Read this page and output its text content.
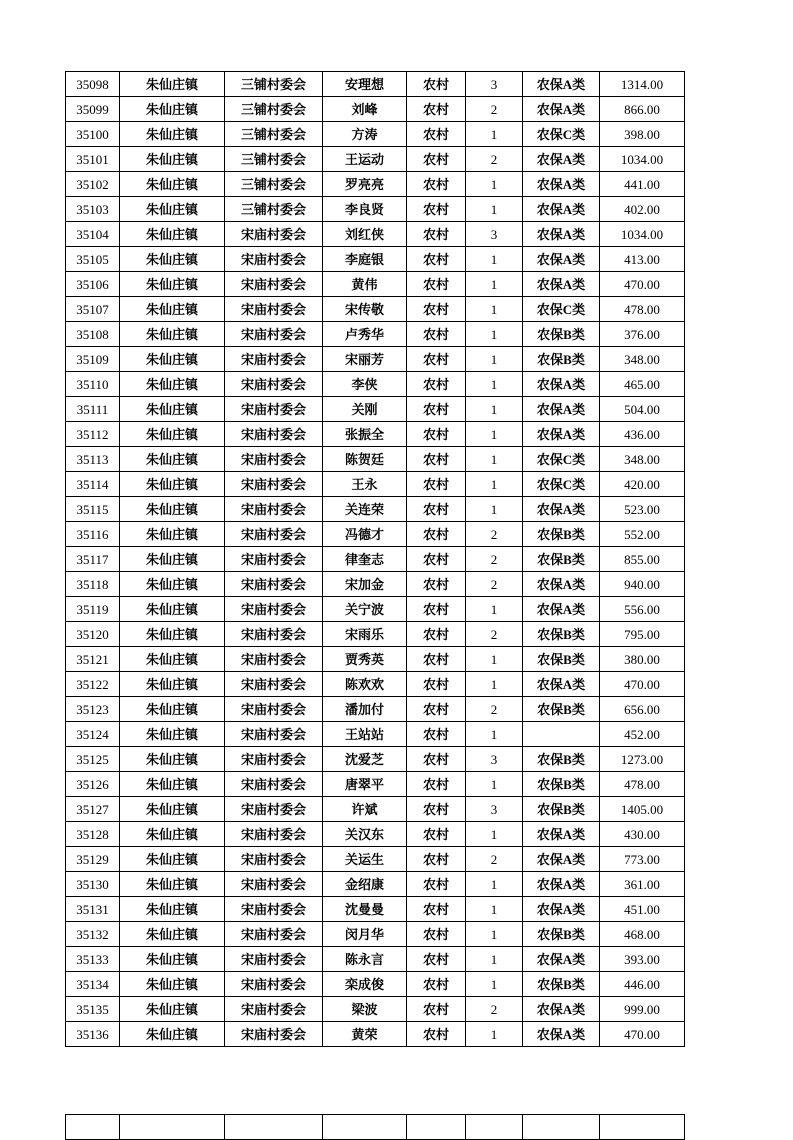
35098	朱仙庄镇	三铺村委会	安理想	农村	3	农保A类	1314.00
35099	朱仙庄镇	三铺村委会	刘峰	农村	2	农保A类	866.00
35100	朱仙庄镇	三铺村委会	方涛	农村	1	农保C类	398.00
35101	朱仙庄镇	三铺村委会	王运动	农村	2	农保A类	1034.00
35102	朱仙庄镇	三铺村委会	罗亮亮	农村	1	农保A类	441.00
35103	朱仙庄镇	三铺村委会	李良贤	农村	1	农保A类	402.00
35104	朱仙庄镇	宋庙村委会	刘红侠	农村	3	农保A类	1034.00
35105	朱仙庄镇	宋庙村委会	李庭银	农村	1	农保A类	413.00
35106	朱仙庄镇	宋庙村委会	黄伟	农村	1	农保A类	470.00
35107	朱仙庄镇	宋庙村委会	宋传敬	农村	1	农保C类	478.00
35108	朱仙庄镇	宋庙村委会	卢秀华	农村	1	农保B类	376.00
35109	朱仙庄镇	宋庙村委会	宋丽芳	农村	1	农保B类	348.00
35110	朱仙庄镇	宋庙村委会	李侠	农村	1	农保A类	465.00
35111	朱仙庄镇	宋庙村委会	关刚	农村	1	农保A类	504.00
35112	朱仙庄镇	宋庙村委会	张振全	农村	1	农保A类	436.00
35113	朱仙庄镇	宋庙村委会	陈贺廷	农村	1	农保C类	348.00
35114	朱仙庄镇	宋庙村委会	王永	农村	1	农保C类	420.00
35115	朱仙庄镇	宋庙村委会	关连荣	农村	1	农保A类	523.00
35116	朱仙庄镇	宋庙村委会	冯德才	农村	2	农保B类	552.00
35117	朱仙庄镇	宋庙村委会	律奎志	农村	2	农保B类	855.00
35118	朱仙庄镇	宋庙村委会	宋加金	农村	2	农保A类	940.00
35119	朱仙庄镇	宋庙村委会	关宁波	农村	1	农保A类	556.00
35120	朱仙庄镇	宋庙村委会	宋雨乐	农村	2	农保B类	795.00
35121	朱仙庄镇	宋庙村委会	贾秀英	农村	1	农保B类	380.00
35122	朱仙庄镇	宋庙村委会	陈欢欢	农村	1	农保A类	470.00
35123	朱仙庄镇	宋庙村委会	潘加付	农村	2	农保B类	656.00
35124	朱仙庄镇	宋庙村委会	王站站	农村	1		452.00
35125	朱仙庄镇	宋庙村委会	沈爱芝	农村	3	农保B类	1273.00
35126	朱仙庄镇	宋庙村委会	唐翠平	农村	1	农保B类	478.00
35127	朱仙庄镇	宋庙村委会	许斌	农村	3	农保B类	1405.00
35128	朱仙庄镇	宋庙村委会	关汉东	农村	1	农保A类	430.00
35129	朱仙庄镇	宋庙村委会	关运生	农村	2	农保A类	773.00
35130	朱仙庄镇	宋庙村委会	金绍康	农村	1	农保A类	361.00
35131	朱仙庄镇	宋庙村委会	沈曼曼	农村	1	农保A类	451.00
35132	朱仙庄镇	宋庙村委会	闵月华	农村	1	农保B类	468.00
35133	朱仙庄镇	宋庙村委会	陈永言	农村	1	农保A类	393.00
35134	朱仙庄镇	宋庙村委会	栾成俊	农村	1	农保B类	446.00
35135	朱仙庄镇	宋庙村委会	梁波	农村	2	农保A类	999.00
35136	朱仙庄镇	宋庙村委会	黄荣	农村	1	农保A类	470.00
